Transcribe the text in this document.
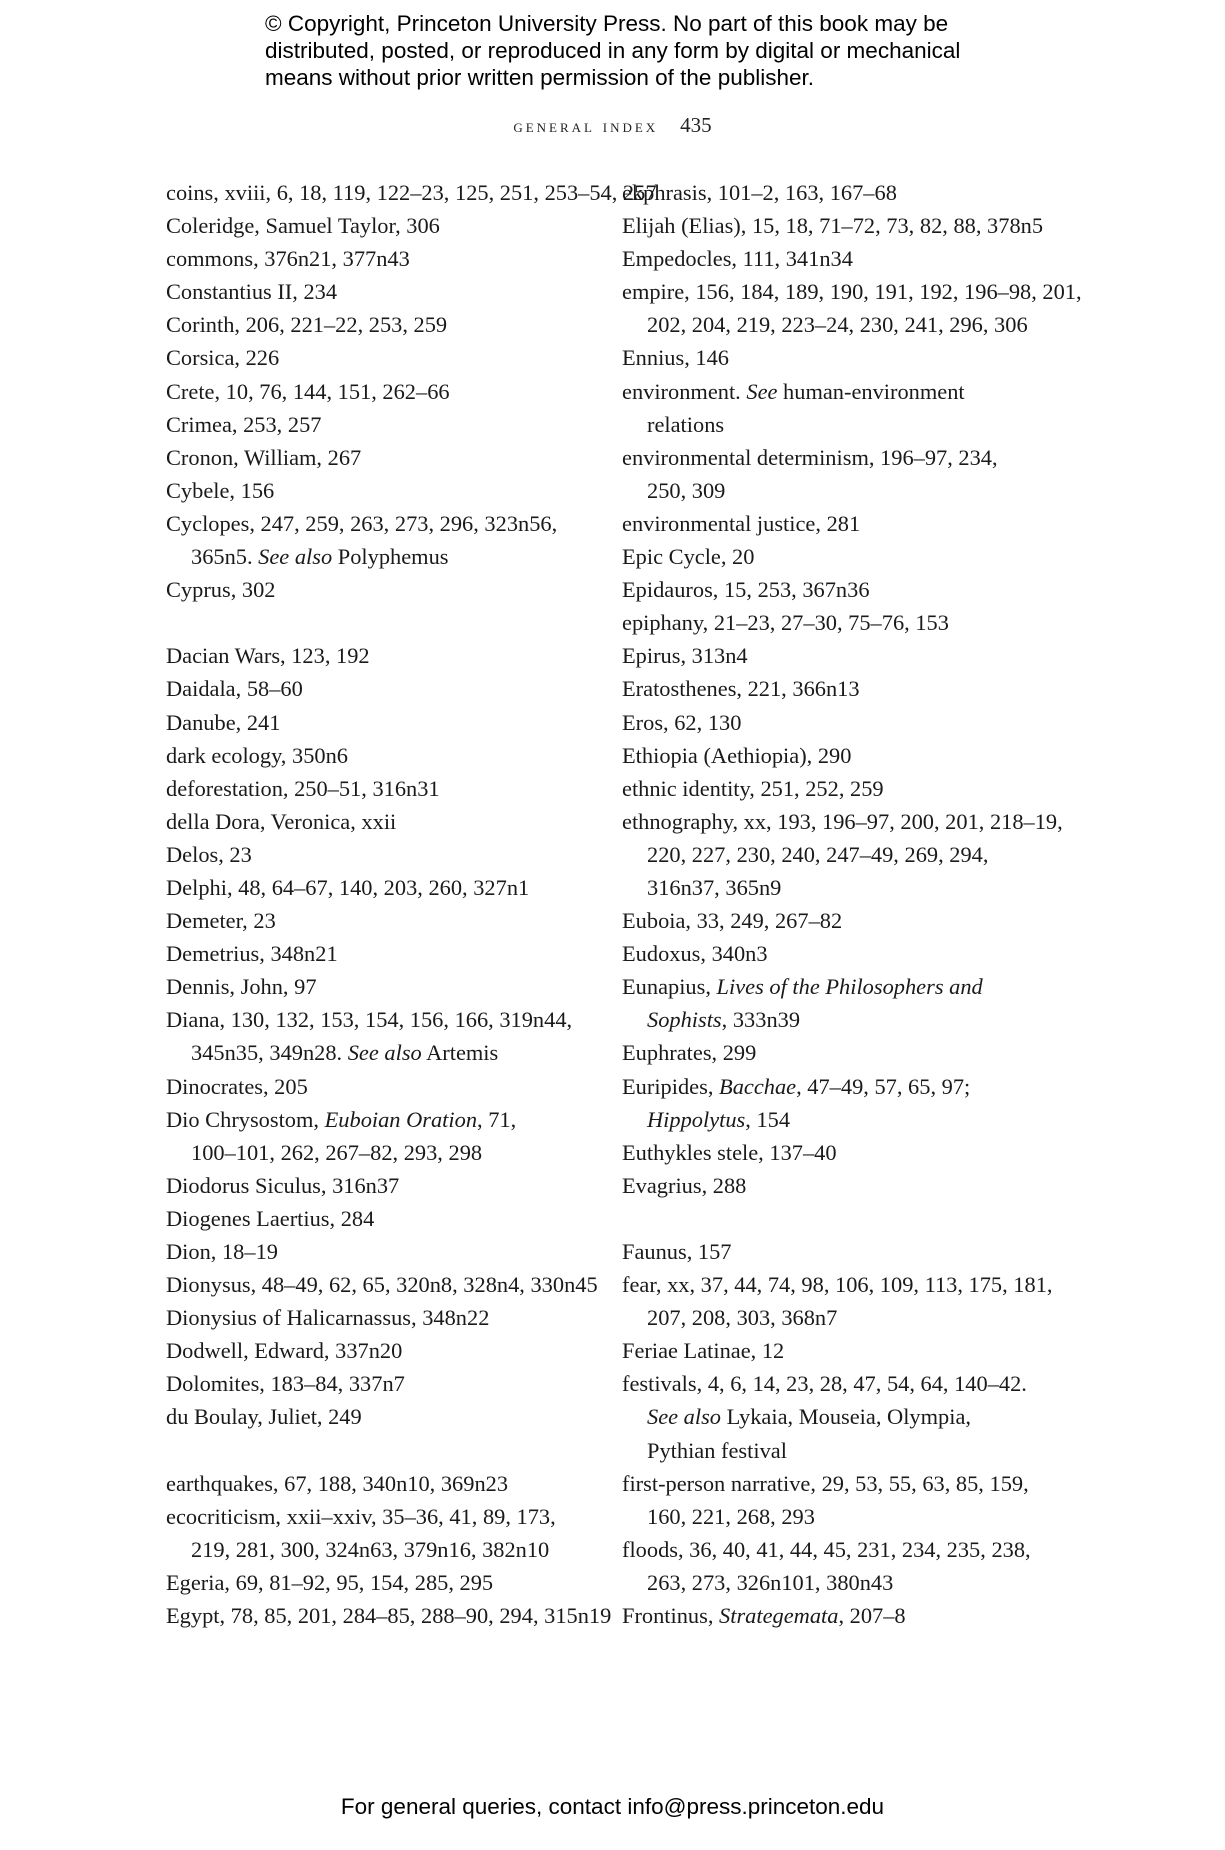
© Copyright, Princeton University Press. No part of this book may be distributed, posted, or reproduced in any form by digital or mechanical means without prior written permission of the publisher.
general index 435
coins, xviii, 6, 18, 119, 122–23, 125, 251, 253–54, 257
Coleridge, Samuel Taylor, 306
commons, 376n21, 377n43
Constantius II, 234
Corinth, 206, 221–22, 253, 259
Corsica, 226
Crete, 10, 76, 144, 151, 262–66
Crimea, 253, 257
Cronon, William, 267
Cybele, 156
Cyclopes, 247, 259, 263, 273, 296, 323n56,
365n5. See also Polyphemus
Cyprus, 302
Dacian Wars, 123, 192
Daidala, 58–60
Danube, 241
dark ecology, 350n6
deforestation, 250–51, 316n31
della Dora, Veronica, xxii
Delos, 23
Delphi, 48, 64–67, 140, 203, 260, 327n1
Demeter, 23
Demetrius, 348n21
Dennis, John, 97
Diana, 130, 132, 153, 154, 156, 166, 319n44,
345n35, 349n28. See also Artemis
Dinocrates, 205
Dio Chrysostom, Euboian Oration, 71,
100–101, 262, 267–82, 293, 298
Diodorus Siculus, 316n37
Diogenes Laertius, 284
Dion, 18–19
Dionysus, 48–49, 62, 65, 320n8, 328n4, 330n45
Dionysius of Halicarnassus, 348n22
Dodwell, Edward, 337n20
Dolomites, 183–84, 337n7
du Boulay, Juliet, 249
earthquakes, 67, 188, 340n10, 369n23
ecocriticism, xxii–xxiv, 35–36, 41, 89, 173,
219, 281, 300, 324n63, 379n16, 382n10
Egeria, 69, 81–92, 95, 154, 285, 295
Egypt, 78, 85, 201, 284–85, 288–90, 294, 315n19
ekphrasis, 101–2, 163, 167–68
Elijah (Elias), 15, 18, 71–72, 73, 82, 88, 378n5
Empedocles, 111, 341n34
empire, 156, 184, 189, 190, 191, 192, 196–98, 201,
202, 204, 219, 223–24, 230, 241, 296, 306
Ennius, 146
environment. See human-environment
relations
environmental determinism, 196–97, 234,
250, 309
environmental justice, 281
Epic Cycle, 20
Epidauros, 15, 253, 367n36
epiphany, 21–23, 27–30, 75–76, 153
Epirus, 313n4
Eratosthenes, 221, 366n13
Eros, 62, 130
Ethiopia (Aethiopia), 290
ethnic identity, 251, 252, 259
ethnography, xx, 193, 196–97, 200, 201, 218–19,
220, 227, 230, 240, 247–49, 269, 294,
316n37, 365n9
Euboia, 33, 249, 267–82
Eudoxus, 340n3
Eunapius, Lives of the Philosophers and
Sophists, 333n39
Euphrates, 299
Euripides, Bacchae, 47–49, 57, 65, 97;
Hippolytus, 154
Euthykles stele, 137–40
Evagrius, 288
Faunus, 157
fear, xx, 37, 44, 74, 98, 106, 109, 113, 175, 181,
207, 208, 303, 368n7
Feriae Latinae, 12
festivals, 4, 6, 14, 23, 28, 47, 54, 64, 140–42.
See also Lykaia, Mouseia, Olympia,
Pythian festival
first-person narrative, 29, 53, 55, 63, 85, 159,
160, 221, 268, 293
floods, 36, 40, 41, 44, 45, 231, 234, 235, 238,
263, 273, 326n101, 380n43
Frontinus, Strategemata, 207–8
For general queries, contact info@press.princeton.edu
